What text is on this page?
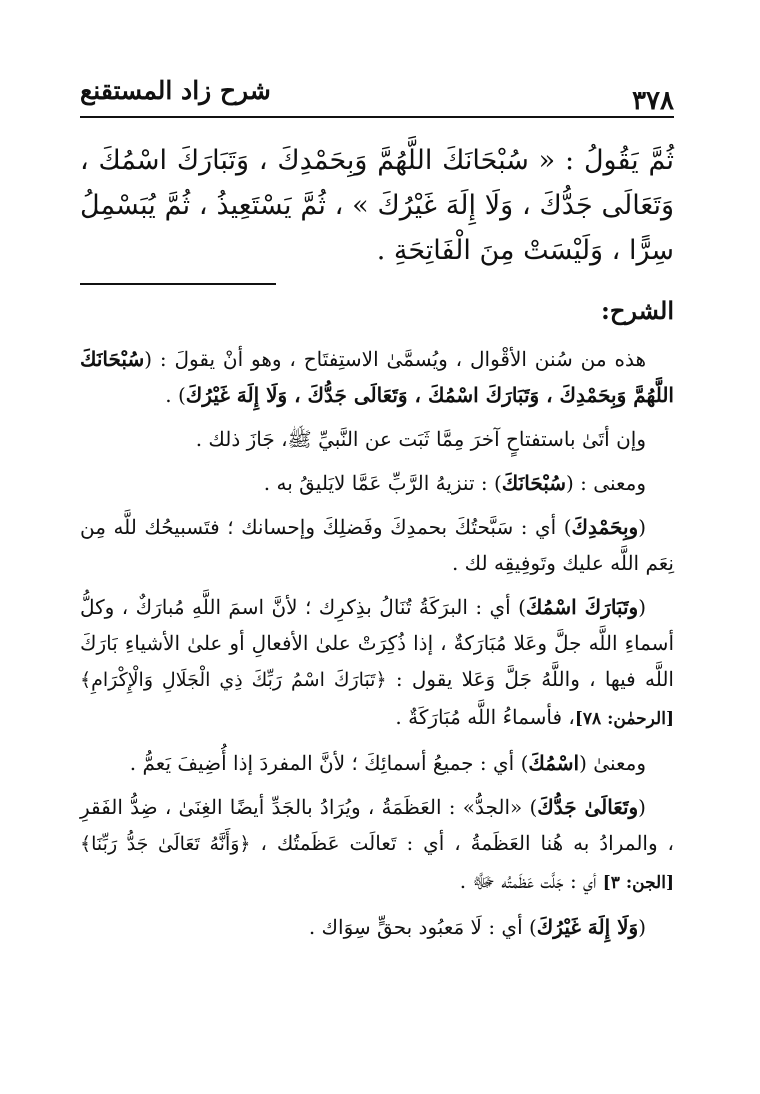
٣٧٨
شرح زاد المستقنع
ثُمَّ يَقُولُ : « سُبْحَانَكَ اللَّهُمَّ وَبِحَمْدِكَ ، وَتَبَارَكَ اسْمُكَ ، وَتَعَالَى جَدُّكَ ، وَلَا إِلَهَ غَيْرُكَ » ، ثُمَّ يَسْتَعِيذُ ، ثُمَّ يُبَسْمِلُ سِرًّا ، وَلَيْسَتْ مِنَ الْفَاتِحَةِ .
الشرح:

هذه من سُنن الأقْوال ، ويُسمَّىٰ الاستِفتَاح ، وهو أنْ يقولَ : (سُبْحَانَكَ اللَّهُمَّ وَبِحَمْدِكَ ، وَتَبَارَكَ اسْمُكَ ، وَتَعَالَى جَدُّكَ ، وَلَا إِلَهَ غَيْرُكَ) .

وإن أتَىٰ باستفتاحٍ آخرَ مِمَّا ثَبَت عن النَّبيِّ ﷺ، جَازَ ذلك .

ومعنى : (سُبْحَانَكَ) : تنزيهُ الرَّبِّ عَمَّا لايَليقُ به .

(وبِحَمْدِكَ) أي : سَبَّحتُكَ بحمدِكَ وفَضلِكَ وإحسانك ؛ فتَسبيحُك للَّه مِن نِعَم اللَّه عليك وتَوفِيقِه لك .

(وتَبَارَكَ اسْمُكَ) أي : البرَكَةُ تُنَالُ بذِكرِك ؛ لأنَّ اسمَ اللَّهِ مُبارَكٌ ، وكلُّ أسماءِ اللَّه جلَّ وعَلا مُبَارَكةٌ ، إذا ذُكِرَتْ علىٰ الأفعالِ أو علىٰ الأشياءِ بَارَكَ اللَّه فيها ، واللَّهُ جَلَّ وَعَلا يقول : ﴿تَبَارَكَ اسْمُ رَبِّكَ ذِي الْجَلَالِ وَالْإِكْرَامِ﴾ [الرحمٰن: ٧٨]، فأسماءُ اللَّه مُبَارَكَةٌ .

ومعنىٰ (اسْمُكَ) أي : جميعُ أسمائِكَ ؛ لأنَّ المفردَ إذا أُضِيفَ يَعمُّ .

(وتَعَالَىٰ جَدُّكَ) «الجدُّ» : العَظَمَةُ ، ويُرَادُ بالجَدِّ أيضًا الغِنَىٰ ، ضِدُّ الفَقرِ ، والمرادُ به هُنا العَظَمةُ ، أي : تَعالَت عَظَمتُك ، ﴿وَأَنَّهُ تَعَالَىٰ جَدُّ رَبِّنَا﴾ [الجن: ٣] أي : جَلَّت عَظَمتُه ﷻ .

(وَلَا إِلَهَ غَيْرُكَ) أي : لَا مَعبُود بحقٍّ سِوَاك .
